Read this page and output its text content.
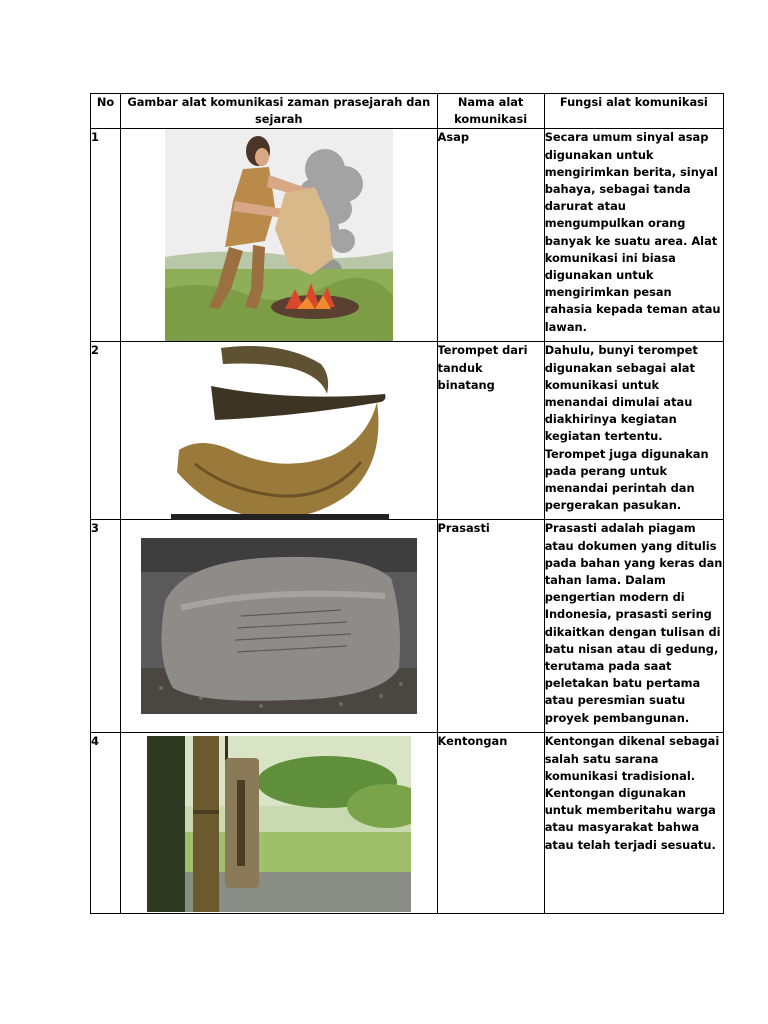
No	Gambar alat komunikasi zaman prasejarah dan sejarah	Nama alat komunikasi	Fungsi alat komunikasi
1		Asap	Secara umum sinyal asap digunakan untuk mengirimkan berita, sinyal bahaya, sebagai tanda darurat atau mengumpulkan orang banyak ke suatu area. Alat komunikasi ini biasa digunakan untuk mengirimkan pesan rahasia kepada teman atau lawan.
2		Terompet dari tanduk binatang	Dahulu, bunyi terompet digunakan sebagai alat komunikasi untuk menandai dimulai atau diakhirinya kegiatan kegiatan tertentu. Terompet juga digunakan pada perang untuk menandai perintah dan pergerakan pasukan.
3		Prasasti	Prasasti adalah piagam atau dokumen yang ditulis pada bahan yang keras dan tahan lama. Dalam pengertian modern di Indonesia, prasasti sering dikaitkan dengan tulisan di batu nisan atau di gedung, terutama pada saat peletakan batu pertama atau peresmian suatu proyek pembangunan.
4		Kentongan	Kentongan dikenal sebagai salah satu sarana komunikasi tradisional. Kentongan digunakan untuk memberitahu warga atau masyarakat bahwa atau telah terjadi sesuatu.
